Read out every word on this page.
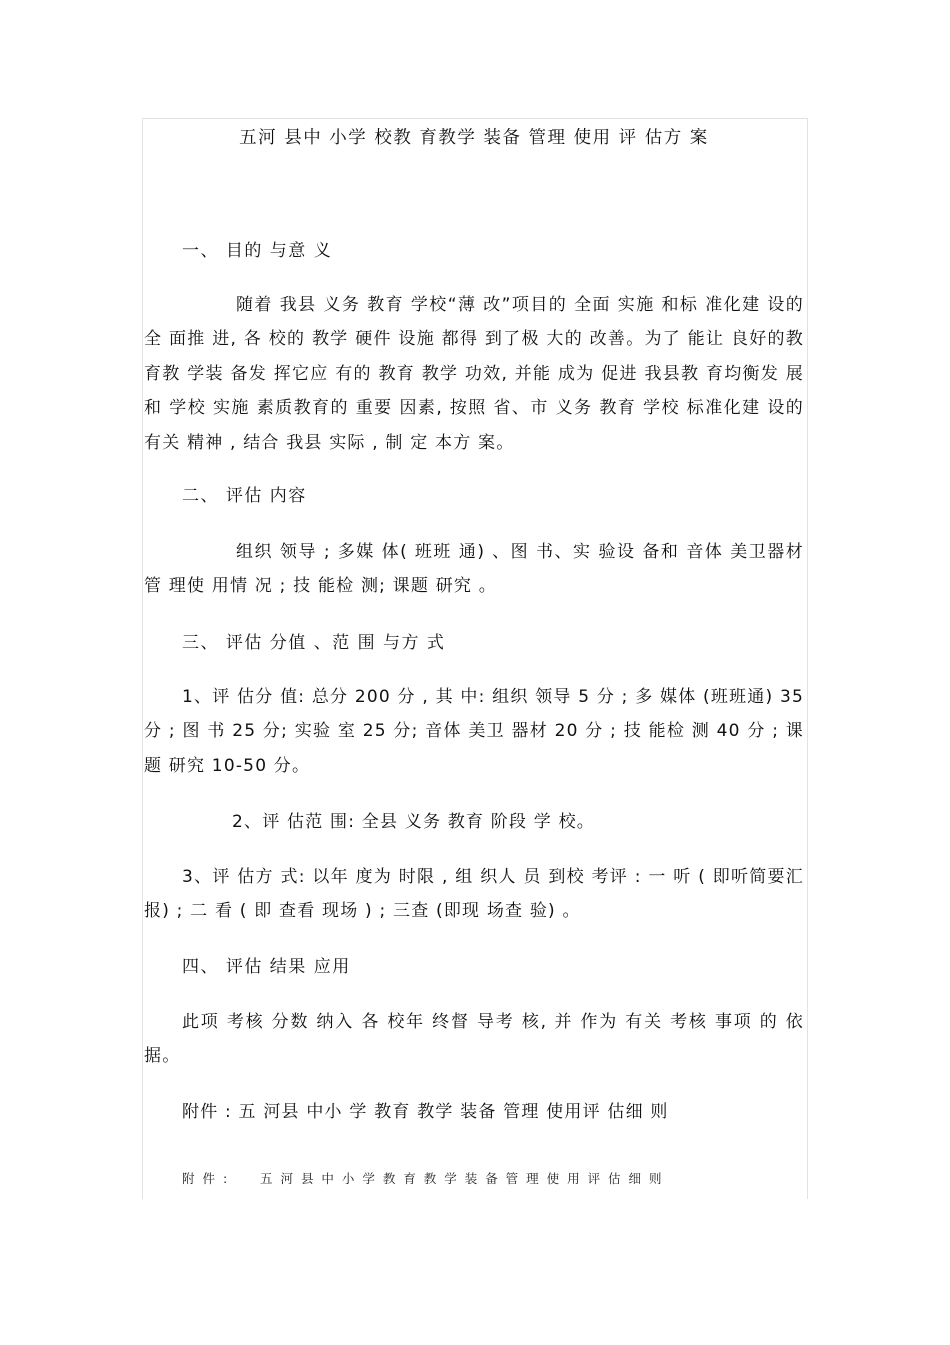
五河 县中 小学 校教 育教学 装备 管理 使用 评 估方 案
一、 目的 与意 义

随着 我县 义务 教育 学校“薄 改”项目的 全面 实施 和标 准化建 设的全 面推 进, 各 校的 教学 硬件 设施 都得 到了极 大的 改善。为了 能让 良好的教 育教 学装 备发 挥它应 有的 教育 教学 功效, 并能 成为 促进 我县教 育均衡发 展和 学校 实施 素质教育的 重要 因素, 按照 省、市 义务 教育 学校 标准化建 设的 有关 精神 , 结合 我县 实际 , 制 定 本方 案。

二、 评估 内容

组织 领导 ; 多媒 体( 班班 通) 、图 书、实 验设 备和 音体 美卫器材管 理使 用情 况 ; 技 能检 测; 课题 研究 。

三、 评估 分值 、范 围 与方 式

1、评 估分 值: 总分 200 分 , 其 中: 组织 领导 5 分 ; 多 媒体 (班班通) 35 分 ; 图 书 25 分; 实验 室 25 分; 音体 美卫 器材 20 分 ; 技 能检 测 40 分 ; 课题 研究 10-50 分。

2、评 估范 围: 全县 义务 教育 阶段 学 校。

3、评 估方 式: 以年 度为 时限 , 组 织人 员 到校 考评 : 一 听 ( 即听简要汇 报) ; 二 看 ( 即 查看 现场 ) ; 三查 (即现 场查 验) 。

四、 评估 结果 应用

此项 考核 分数 纳入 各 校年 终督 导考 核, 并 作为 有关 考核 事项 的 依据。

附件 : 五 河县 中小 学 教育 教学 装备 管理 使用评 估细 则
附 件 : 五 河 县 中 小 学 教 育 教 学 装 备 管 理 使 用 评 估 细 则
